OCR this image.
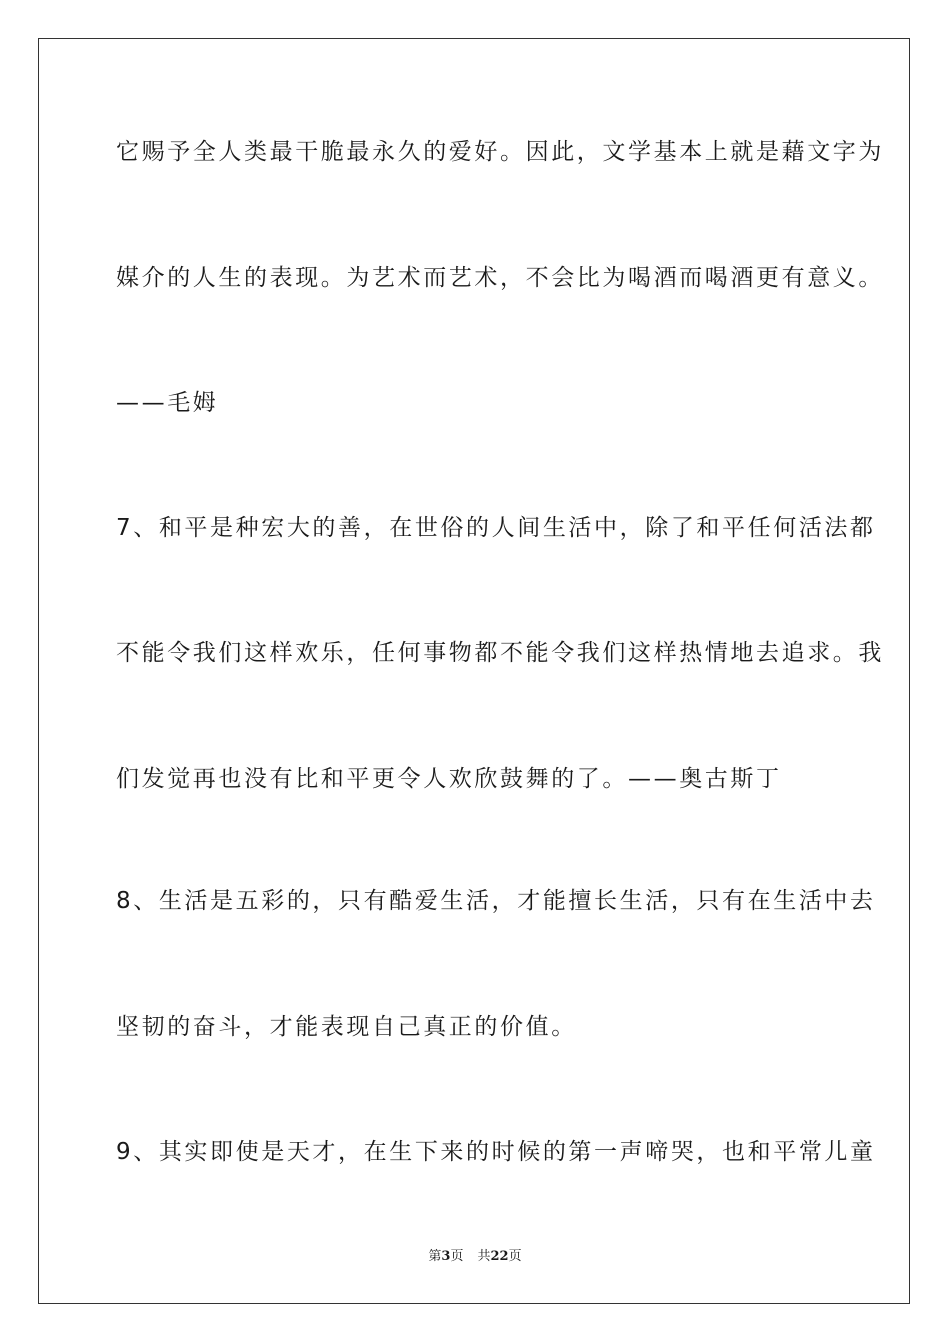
它赐予全人类最干脆最永久的爱好。因此，文学基本上就是藉文字为

媒介的人生的表现。为艺术而艺术，不会比为喝酒而喝酒更有意义。

——毛姆

7、和平是种宏大的善，在世俗的人间生活中，除了和平任何活法都

不能令我们这样欢乐，任何事物都不能令我们这样热情地去追求。我

们发觉再也没有比和平更令人欢欣鼓舞的了。——奥古斯丁

8、生活是五彩的，只有酷爱生活，才能擅长生活，只有在生活中去

坚韧的奋斗，才能表现自己真正的价值。

9、其实即使是天才，在生下来的时候的第一声啼哭，也和平常儿童

第3页 共22页
